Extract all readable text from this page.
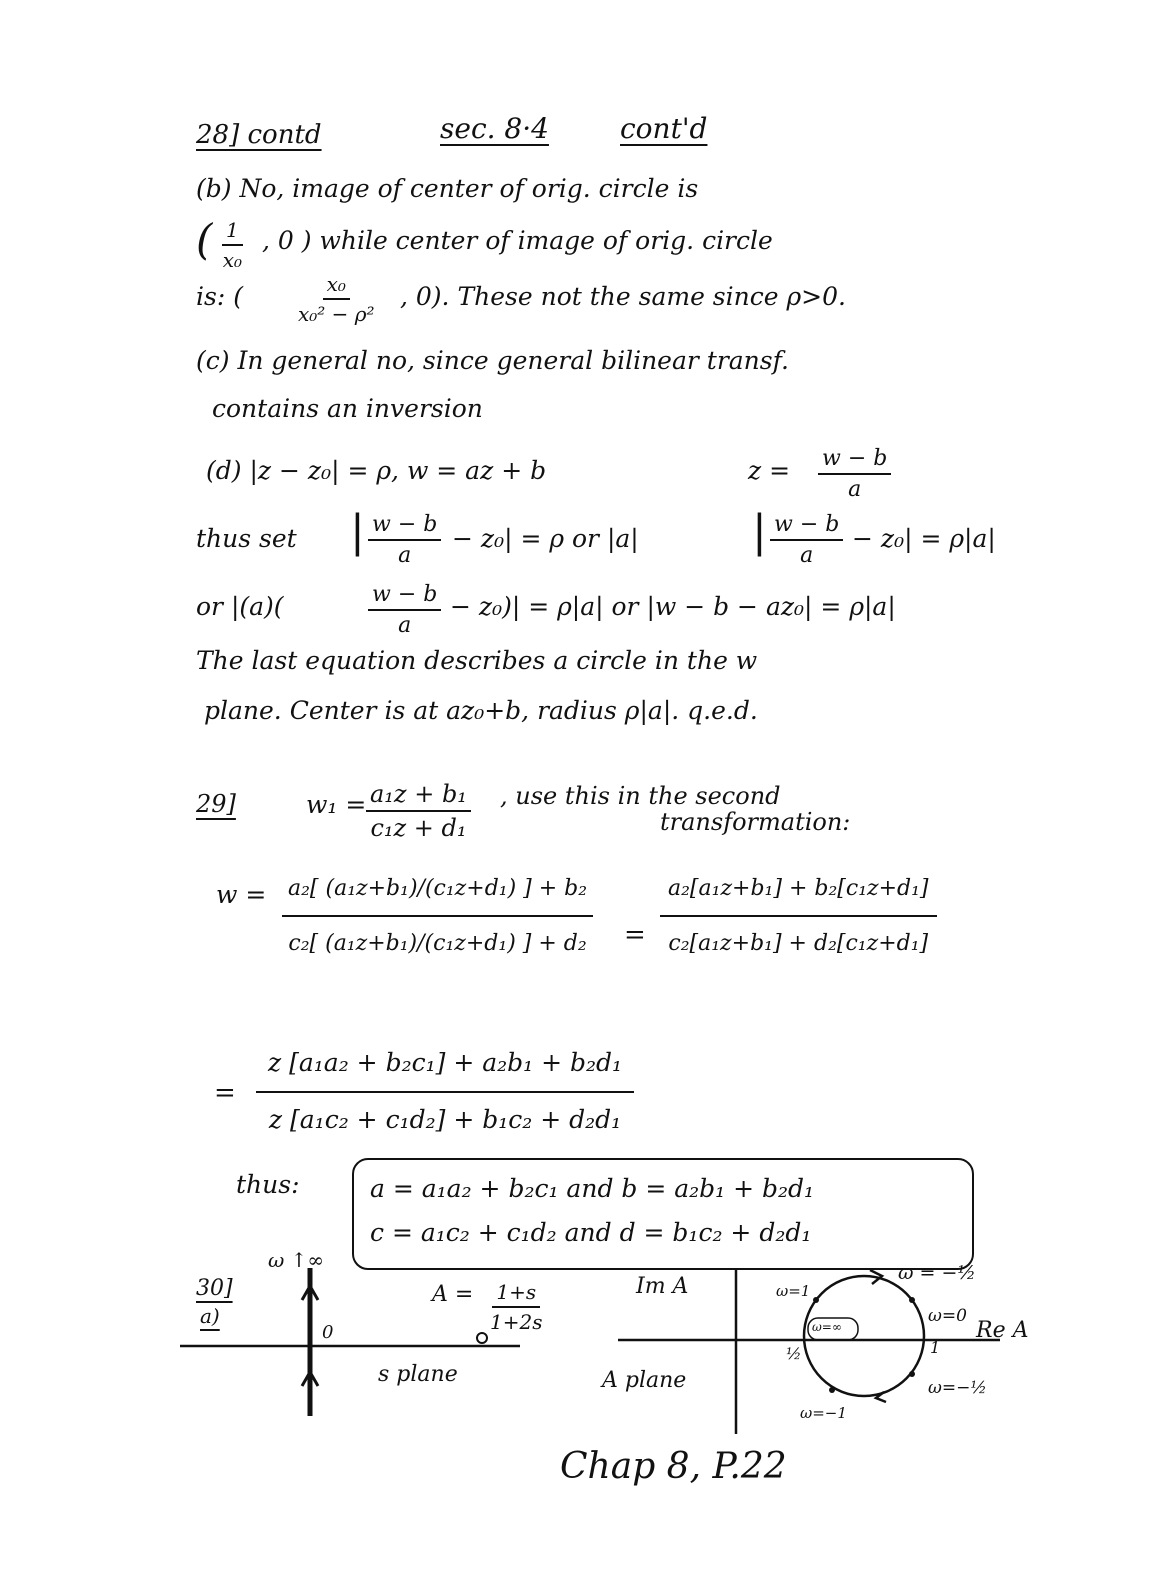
28] contd	sec. 8·4	cont'd
(b) No, image of center of orig. circle is
( $\frac{1}{\text{x₀}}$ , 0 ) while center of image of orig. circle
is: (	$\frac{\text{x₀}}{\text{x₀² − ρ²}}$ , 0). These not the same since ρ>0.
(c) In general no, since general bilinear transf.
contains an inversion
(d) |z − z₀| = ρ, w = az + b	$z = \frac{w - b}{a}$
thus set | $\frac{w - b}{a} - z_0| = \rho$ or |a|	| $\frac{w - b}{a} - z_0| = \rho|a|$
or |(a)(	$\frac{w - b}{a} - z_0)| = \rho|a|$ or |w − b − az₀| = ρ|a|
The last equation describes a circle in the w
plane. Center is at az₀+b, radius ρ|a|. q.e.d.
29]	$w_1 = \frac{\text{a₁z + b₁}}{\text{c₁z + d₁}}$ , use this in the second
transformation:
$w = \frac{\text{a₂[ (a₁z+b₁)/(c₁z+d₁) ] + b₂}}{\text{c₂[ (a₁z+b₁)/(c₁z+d₁) ] + d₂}} = \frac{\text{a₂[a₁z+b₁] + b₂[c₁z+d₁]}}{\text{c₂[a₁z+b₁] + d₂[c₁z+d₁]}}$
= $\frac{\text{z [a₁a₂ + b₂c₁] + a₂b₁ + b₂d₁}}{\text{z [a₁c₂ + c₁d₂] + b₁c₂ + d₂d₁}}$
thus:	a = a₁a₂ + b₂c₁ and b = a₂b₁ + b₂d₁
c = a₁c₂ + c₁d₂ and d = b₁c₂ + d₂d₁
30]
a)
ω ↑∞
0
$A = \frac{1+s}{1+2s}$
s plane
Im A
A plane
Re A
ω=1
ω = −½
ω=0
ω=∞
½	1
ω=−1
ω=−½
Chap 8, P.22
